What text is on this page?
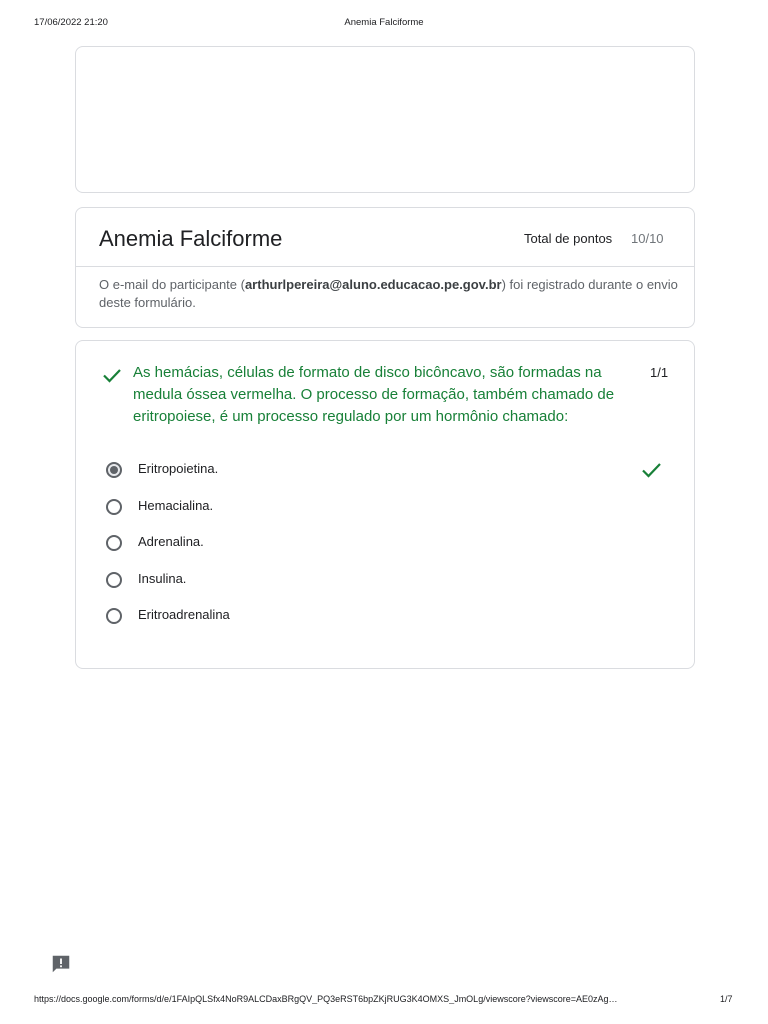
17/06/2022 21:20	Anemia Falciforme
Anemia Falciforme	Total de pontos 10/10
O e-mail do participante (arthurlpereira@aluno.educacao.pe.gov.br) foi registrado durante o envio deste formulário.
As hemácias, células de formato de disco bicôncavo, são formadas na medula óssea vermelha. O processo de formação, também chamado de eritropoiese, é um processo regulado por um hormônio chamado:
1/1
Eritropoietina.
Hemacialina.
Adrenalina.
Insulina.
Eritroadrenalina
https://docs.google.com/forms/d/e/1FAIpQLSfx4NoR9ALCDaxBRgQV_PQ3eRST6bpZKjRUG3K4OMXS_JmOLg/viewscore?viewscore=AE0zAg…	1/7
